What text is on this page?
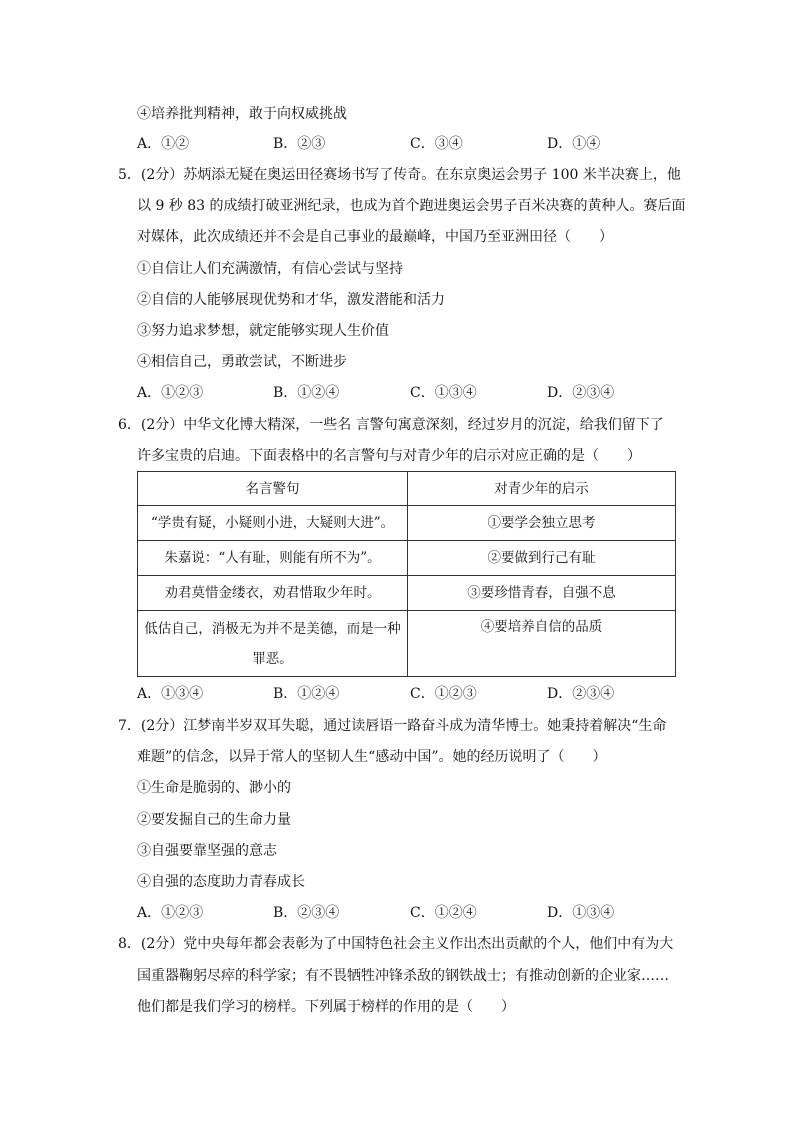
④培养批判精神，敢于向权威挑战
A．①②	B．②③	C．③④	D．①④
5．(2分）苏炳添无疑在奥运田径赛场书写了传奇。在东京奥运会男子 100 米半决赛上，他
以 9 秒 83 的成绩打破亚洲纪录，也成为首个跑进奥运会男子百米决赛的黄种人。赛后面
对媒体，此次成绩还并不会是自己事业的最巅峰，中国乃至亚洲田径（　　）
①自信让人们充满激情，有信心尝试与坚持
②自信的人能够展现优势和才华，激发潜能和活力
③努力追求梦想，就定能够实现人生价值
④相信自己，勇敢尝试，不断进步
A．①②③	B．①②④	C．①③④	D．②③④
6．(2分）中华文化博大精深，一些名 言警句寓意深刻，经过岁月的沉淀，给我们留下了
许多宝贵的启迪。下面表格中的名言警句与对青少年的启示对应正确的是（　　）
名言警句	对青少年的启示
“学贵有疑，小疑则小进，大疑则大进”。	①要学会独立思考
朱嘉说：“人有耻，则能有所不为”。	②要做到行己有耻
劝君莫惜金缕衣，劝君惜取少年时。	③要珍惜青春，自强不息
低估自己，消极无为并不是美德，而是一种罪恶。	④要培养自信的品质
A．①③④	B．①②④	C．①②③	D．②③④
7．(2分）江梦南半岁双耳失聪，通过读唇语一路奋斗成为清华博士。她秉持着解决“生命
难题”的信念，以异于常人的坚韧人生“感动中国”。她的经历说明了（　　）
①生命是脆弱的、渺小的
②要发掘自己的生命力量
③自强要靠坚强的意志
④自强的态度助力青春成长
A．①②③	B．②③④	C．①②④	D．①③④
8．(2分）党中央每年都会表彰为了中国特色社会主义作出杰出贡献的个人，他们中有为大
国重器鞠躬尽瘁的科学家；有不畏牺牲冲锋杀敌的钢铁战士；有推动创新的企业家……
他们都是我们学习的榜样。下列属于榜样的作用的是（　　）
